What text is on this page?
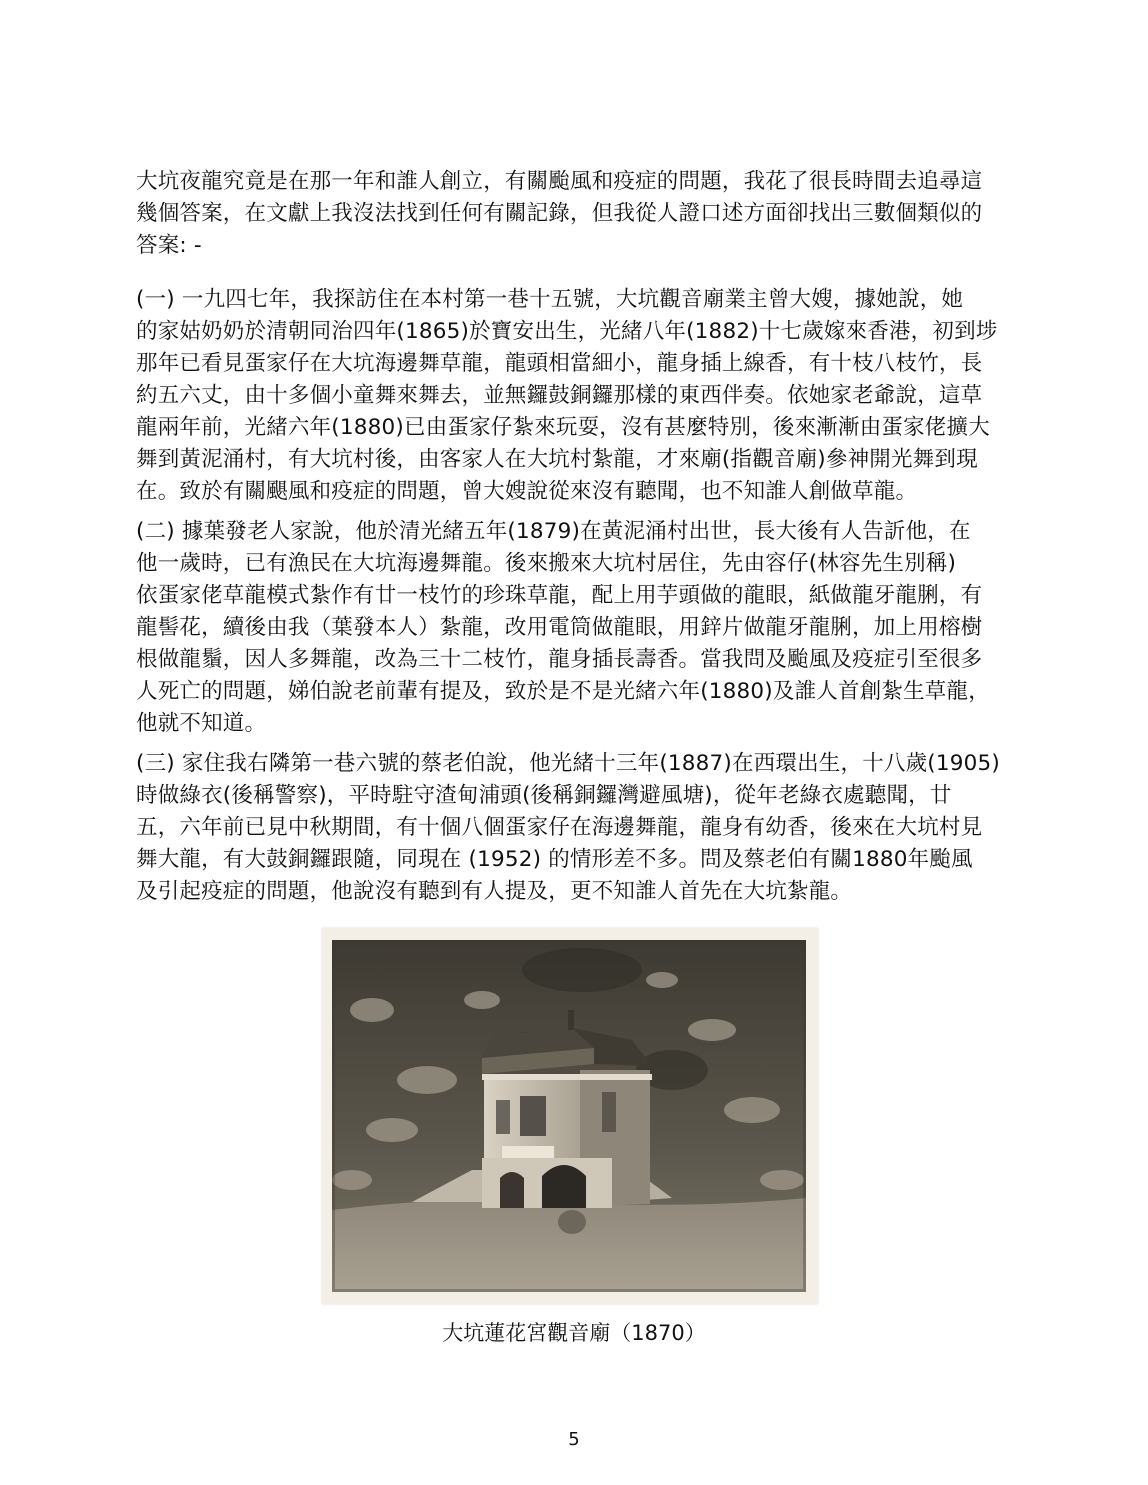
大坑夜龍究竟是在那一年和誰人創立，有關颱風和疫症的問題，我花了很長時間去追尋這
幾個答案，在文獻上我沒法找到任何有關記錄，但我從人證口述方面卻找出三數個類似的
答案: -
(一) 一九四七年，我探訪住在本村第一巷十五號，大坑觀音廟業主曾大嫂，據她說，她
的家姑奶奶於清朝同治四年(1865)於寶安出生，光緒八年(1882)十七歲嫁來香港，初到埗
那年已看見蛋家仔在大坑海邊舞草龍，龍頭相當細小，龍身插上線香，有十枝八枝竹，長
約五六丈，由十多個小童舞來舞去，並無鑼鼓銅鑼那樣的東西伴奏。依她家老爺說，這草
龍兩年前，光緒六年(1880)已由蛋家仔紮來玩耍，沒有甚麼特別，後來漸漸由蛋家佬擴大
舞到黃泥涌村，有大坑村後，由客家人在大坑村紮龍，才來廟(指觀音廟)參神開光舞到現
在。致於有關颶風和疫症的問題，曾大嫂說從來沒有聽聞，也不知誰人創做草龍。
(二) 據葉發老人家說，他於清光緒五年(1879)在黃泥涌村出世，長大後有人告訢他，在
他一歲時，已有漁民在大坑海邊舞龍。後來搬來大坑村居住，先由容仔(林容先生別稱)
依蛋家佬草龍模式紮作有廿一枝竹的珍珠草龍，配上用芋頭做的龍眼，紙做龍牙龍脷，有
龍髻花，續後由我（葉發本人）紮龍，改用電筒做龍眼，用鋅片做龍牙龍脷，加上用榕樹
根做龍鬚，因人多舞龍，改為三十二枝竹，龍身插長壽香。當我問及颱風及疫症引至很多
人死亡的問題，娣伯說老前輩有提及，致於是不是光緒六年(1880)及誰人首創紮生草龍，
他就不知道。
(三) 家住我右隣第一巷六號的蔡老伯說，他光緒十三年(1887)在西環出生，十八歲(1905)
時做綠衣(後稱警察)，平時駐守渣甸浦頭(後稱銅鑼灣避風塘)，從年老綠衣處聽聞，廿
五，六年前已見中秋期間，有十個八個蛋家仔在海邊舞龍，龍身有幼香，後來在大坑村見
舞大龍，有大鼓銅鑼跟隨，同現在 (1952) 的情形差不多。問及蔡老伯有關1880年颱風
及引起疫症的問題，他說沒有聽到有人提及，更不知誰人首先在大坑紮龍。
大坑蓮花宮觀音廟（1870）
5
